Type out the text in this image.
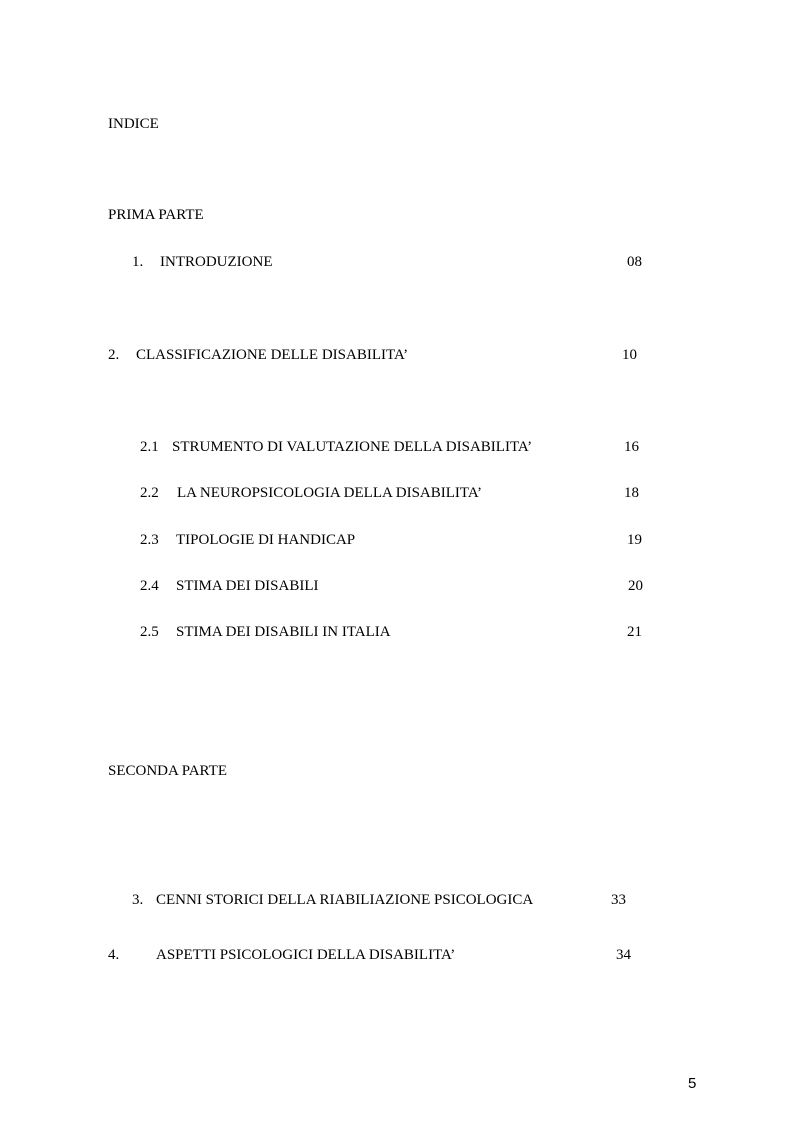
INDICE
PRIMA PARTE
1. INTRODUZIONE	08
2. CLASSIFICAZIONE DELLE DISABILITA’	10
2.1 STRUMENTO DI VALUTAZIONE DELLA DISABILITA’	16
2.2 LA NEUROPSICOLOGIA DELLA DISABILITA’	18
2.3 TIPOLOGIE DI HANDICAP	19
2.4 STIMA DEI DISABILI	20
2.5 STIMA DEI DISABILI IN ITALIA	21
SECONDA PARTE
3. CENNI STORICI DELLA RIABILIAZIONE PSICOLOGICA	33
4. ASPETTI PSICOLOGICI DELLA DISABILITA’	34
5
